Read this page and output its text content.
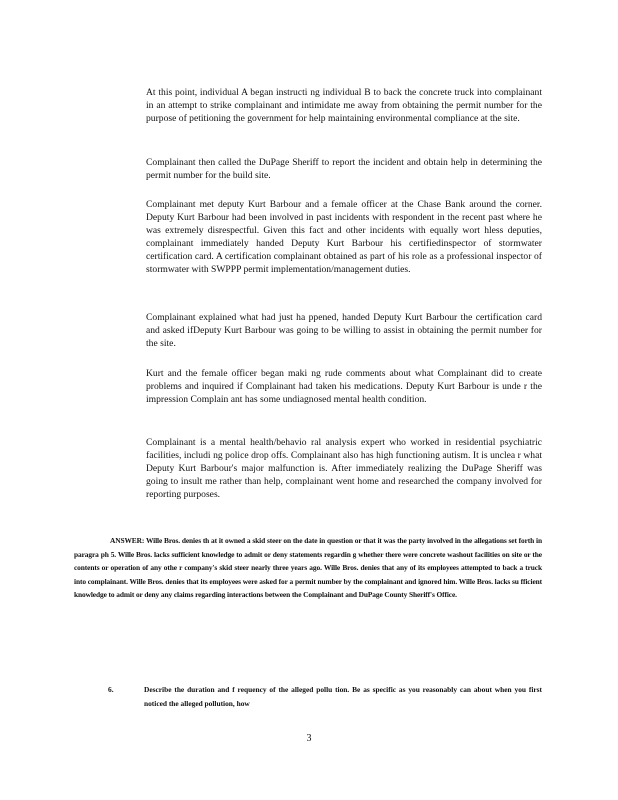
At this point, individual A began instructi ng individual B to back the concrete truck into complainant in an attempt to strike complainant and intimidate me away from obtaining the permit number for the purpose of petitioning the government for help maintaining environmental compliance at the site.

Complainant then called the DuPage Sheriff to report the incident and obtain help in determining the permit number for the build site.

Complainant met deputy Kurt Barbour and a female officer at the Chase Bank around the corner. Deputy Kurt Barbour had been involved in past incidents with respondent in the recent past where he was extremely disrespectful. Given this fact and other incidents with equally wort hless deputies, complainant immediately handed Deputy Kurt Barbour his certifiedinspector of stormwater certification card. A certification complainant obtained as part of his role as a professional inspector of stormwater with SWPPP permit implementation/management duties.

Complainant explained what had just ha ppened, handed Deputy Kurt Barbour the certification card and asked ifDeputy Kurt Barbour was going to be willing to assist in obtaining the permit number for the site.

Kurt and the female officer began maki ng rude comments about what Complainant did to create problems and inquired if Complainant had taken his medications. Deputy Kurt Barbour is unde r the impression Complain ant has some undiagnosed mental health condition.

Complainant is a mental health/behavio ral analysis expert who worked in residential psychiatric facilities, includi ng police drop offs. Complainant also has high functioning autism. It is unclea r what Deputy Kurt Barbour's major malfunction is. After immediately realizing the DuPage Sheriff was going to insult me rather than help, complainant went home and researched the company involved for reporting purposes.

ANSWER: Wille Bros. denies th at it owned a skid steer on the date in question or that it was the party involved in the allegations set forth in paragra ph 5. Wille Bros. lacks sufficient knowledge to admit or deny statements regardin g whether there were concrete washout facilities on site or the contents or operation of any othe r company's skid steer nearly three years ago. Wille Bros. denies that any of its employees attempted to back a truck into complainant. Wille Bros. denies that its employees were asked for a permit number by the complainant and ignored him. Wille Bros. lacks su fficient knowledge to admit or deny any claims regarding interactions between the Complainant and DuPage County Sheriff's Office.

6.	Describe the duration and f requency of the alleged pollu tion. Be as specific as you reasonably can about when you first noticed the alleged pollution, how
3
